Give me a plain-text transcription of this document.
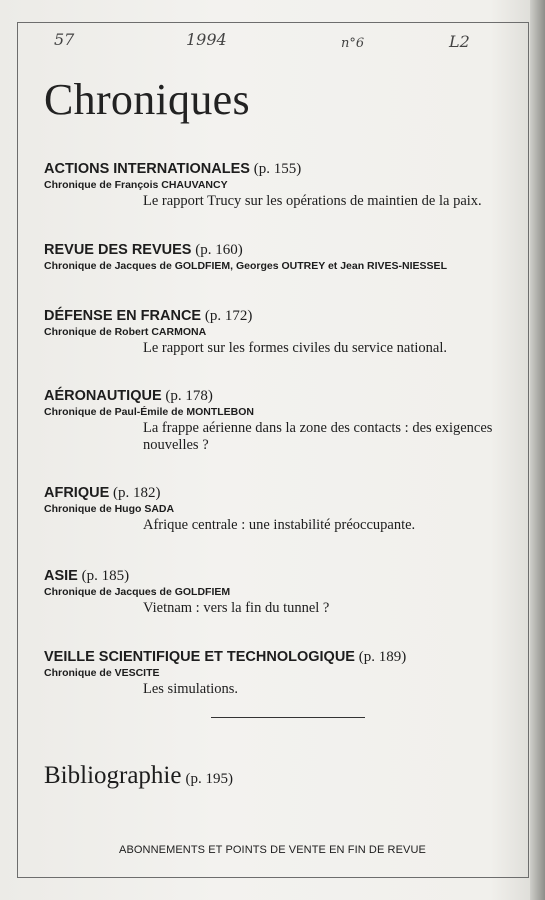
57	1994	n°6	L2
Chroniques
ACTIONS INTERNATIONALES (p. 155)
Chronique de François CHAUVANCY
Le rapport Trucy sur les opérations de maintien de la paix.
REVUE DES REVUES (p. 160)
Chronique de Jacques de GOLDFIEM, Georges OUTREY et Jean RIVES-NIESSEL
DÉFENSE EN FRANCE (p. 172)
Chronique de Robert CARMONA
Le rapport sur les formes civiles du service national.
AÉRONAUTIQUE (p. 178)
Chronique de Paul-Émile de MONTLEBON
La frappe aérienne dans la zone des contacts : des exigences nouvelles ?
AFRIQUE (p. 182)
Chronique de Hugo SADA
Afrique centrale : une instabilité préoccupante.
ASIE (p. 185)
Chronique de Jacques de GOLDFIEM
Vietnam : vers la fin du tunnel ?
VEILLE SCIENTIFIQUE ET TECHNOLOGIQUE (p. 189)
Chronique de VESCITE
Les simulations.
Bibliographie (p. 195)
ABONNEMENTS ET POINTS DE VENTE EN FIN DE REVUE
